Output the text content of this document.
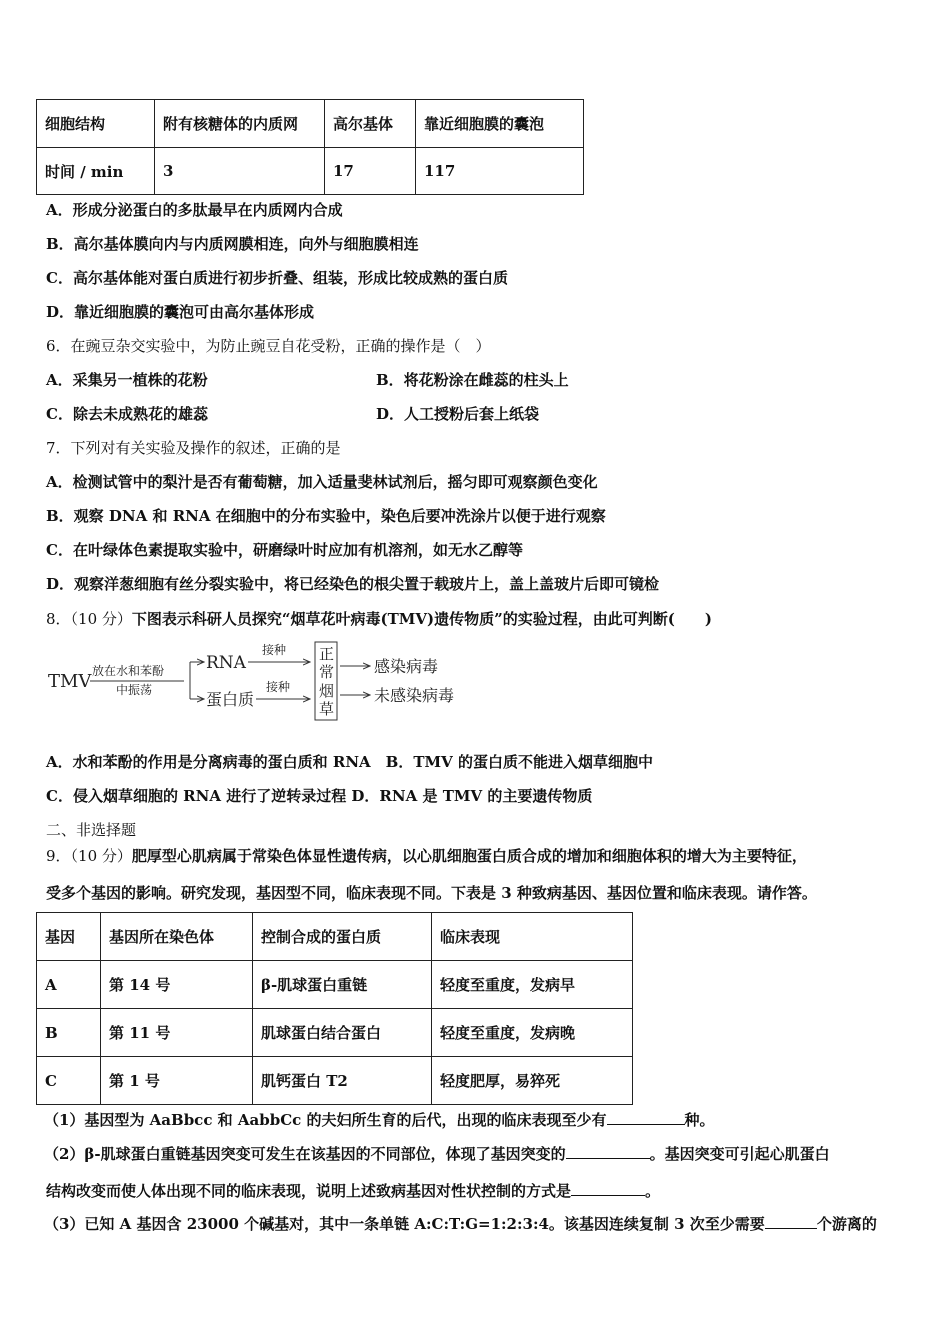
细胞结构	附有核糖体的内质网	高尔基体	靠近细胞膜的囊泡
时间 / min	3	17	117
A．形成分泌蛋白的多肽最早在内质网内合成
B．高尔基体膜向内与内质网膜相连，向外与细胞膜相连
C．高尔基体能对蛋白质进行初步折叠、组装，形成比较成熟的蛋白质
D．靠近细胞膜的囊泡可由高尔基体形成
6．在豌豆杂交实验中，为防止豌豆自花受粉，正确的操作是（　）
A．采集另一植株的花粉	B．将花粉涂在雌蕊的柱头上
C．除去未成熟花的雄蕊	D．人工授粉后套上纸袋
7．下列对有关实验及操作的叙述，正确的是
A．检测试管中的梨汁是否有葡萄糖，加入适量斐林试剂后，摇匀即可观察颜色变化
B．观察 DNA 和 RNA 在细胞中的分布实验中，染色后要冲洗涂片以便于进行观察
C．在叶绿体色素提取实验中，研磨绿叶时应加有机溶剂，如无水乙醇等
D．观察洋葱细胞有丝分裂实验中，将已经染色的根尖置于载玻片上，盖上盖玻片后即可镜检
8．（10 分）下图表示科研人员探究“烟草花叶病毒(TMV)遗传物质”的实验过程，由此可判断(　　)
TMV 放在水和苯酚
中振荡
RNA
蛋白质
接种
接种
正
常
烟
草
感染病毒
未感染病毒
A．水和苯酚的作用是分离病毒的蛋白质和 RNA　B．TMV 的蛋白质不能进入烟草细胞中
C．侵入烟草细胞的 RNA 进行了逆转录过程 D．RNA 是 TMV 的主要遗传物质
二、非选择题
9．（10 分）肥厚型心肌病属于常染色体显性遗传病，以心肌细胞蛋白质合成的增加和细胞体积的增大为主要特征，
受多个基因的影响。研究发现，基因型不同，临床表现不同。下表是 3 种致病基因、基因位置和临床表现。请作答。
基因	基因所在染色体	控制合成的蛋白质	临床表现
A	第 14 号	β-肌球蛋白重链	轻度至重度，发病早
B	第 11 号	肌球蛋白结合蛋白	轻度至重度，发病晚
C	第 1 号	肌钙蛋白 T2	轻度肥厚，易猝死
（1）基因型为 AaBbcc 和 AabbCc 的夫妇所生育的后代，出现的临床表现至少有	种。
（2）β-肌球蛋白重链基因突变可发生在该基因的不同部位，体现了基因突变的	。基因突变可引起心肌蛋白
结构改变而使人体出现不同的临床表现，说明上述致病基因对性状控制的方式是	。
（3）已知 A 基因含 23000 个碱基对，其中一条单链 A:C:T:G=1:2:3:4。该基因连续复制 3 次至少需要	个游离的
